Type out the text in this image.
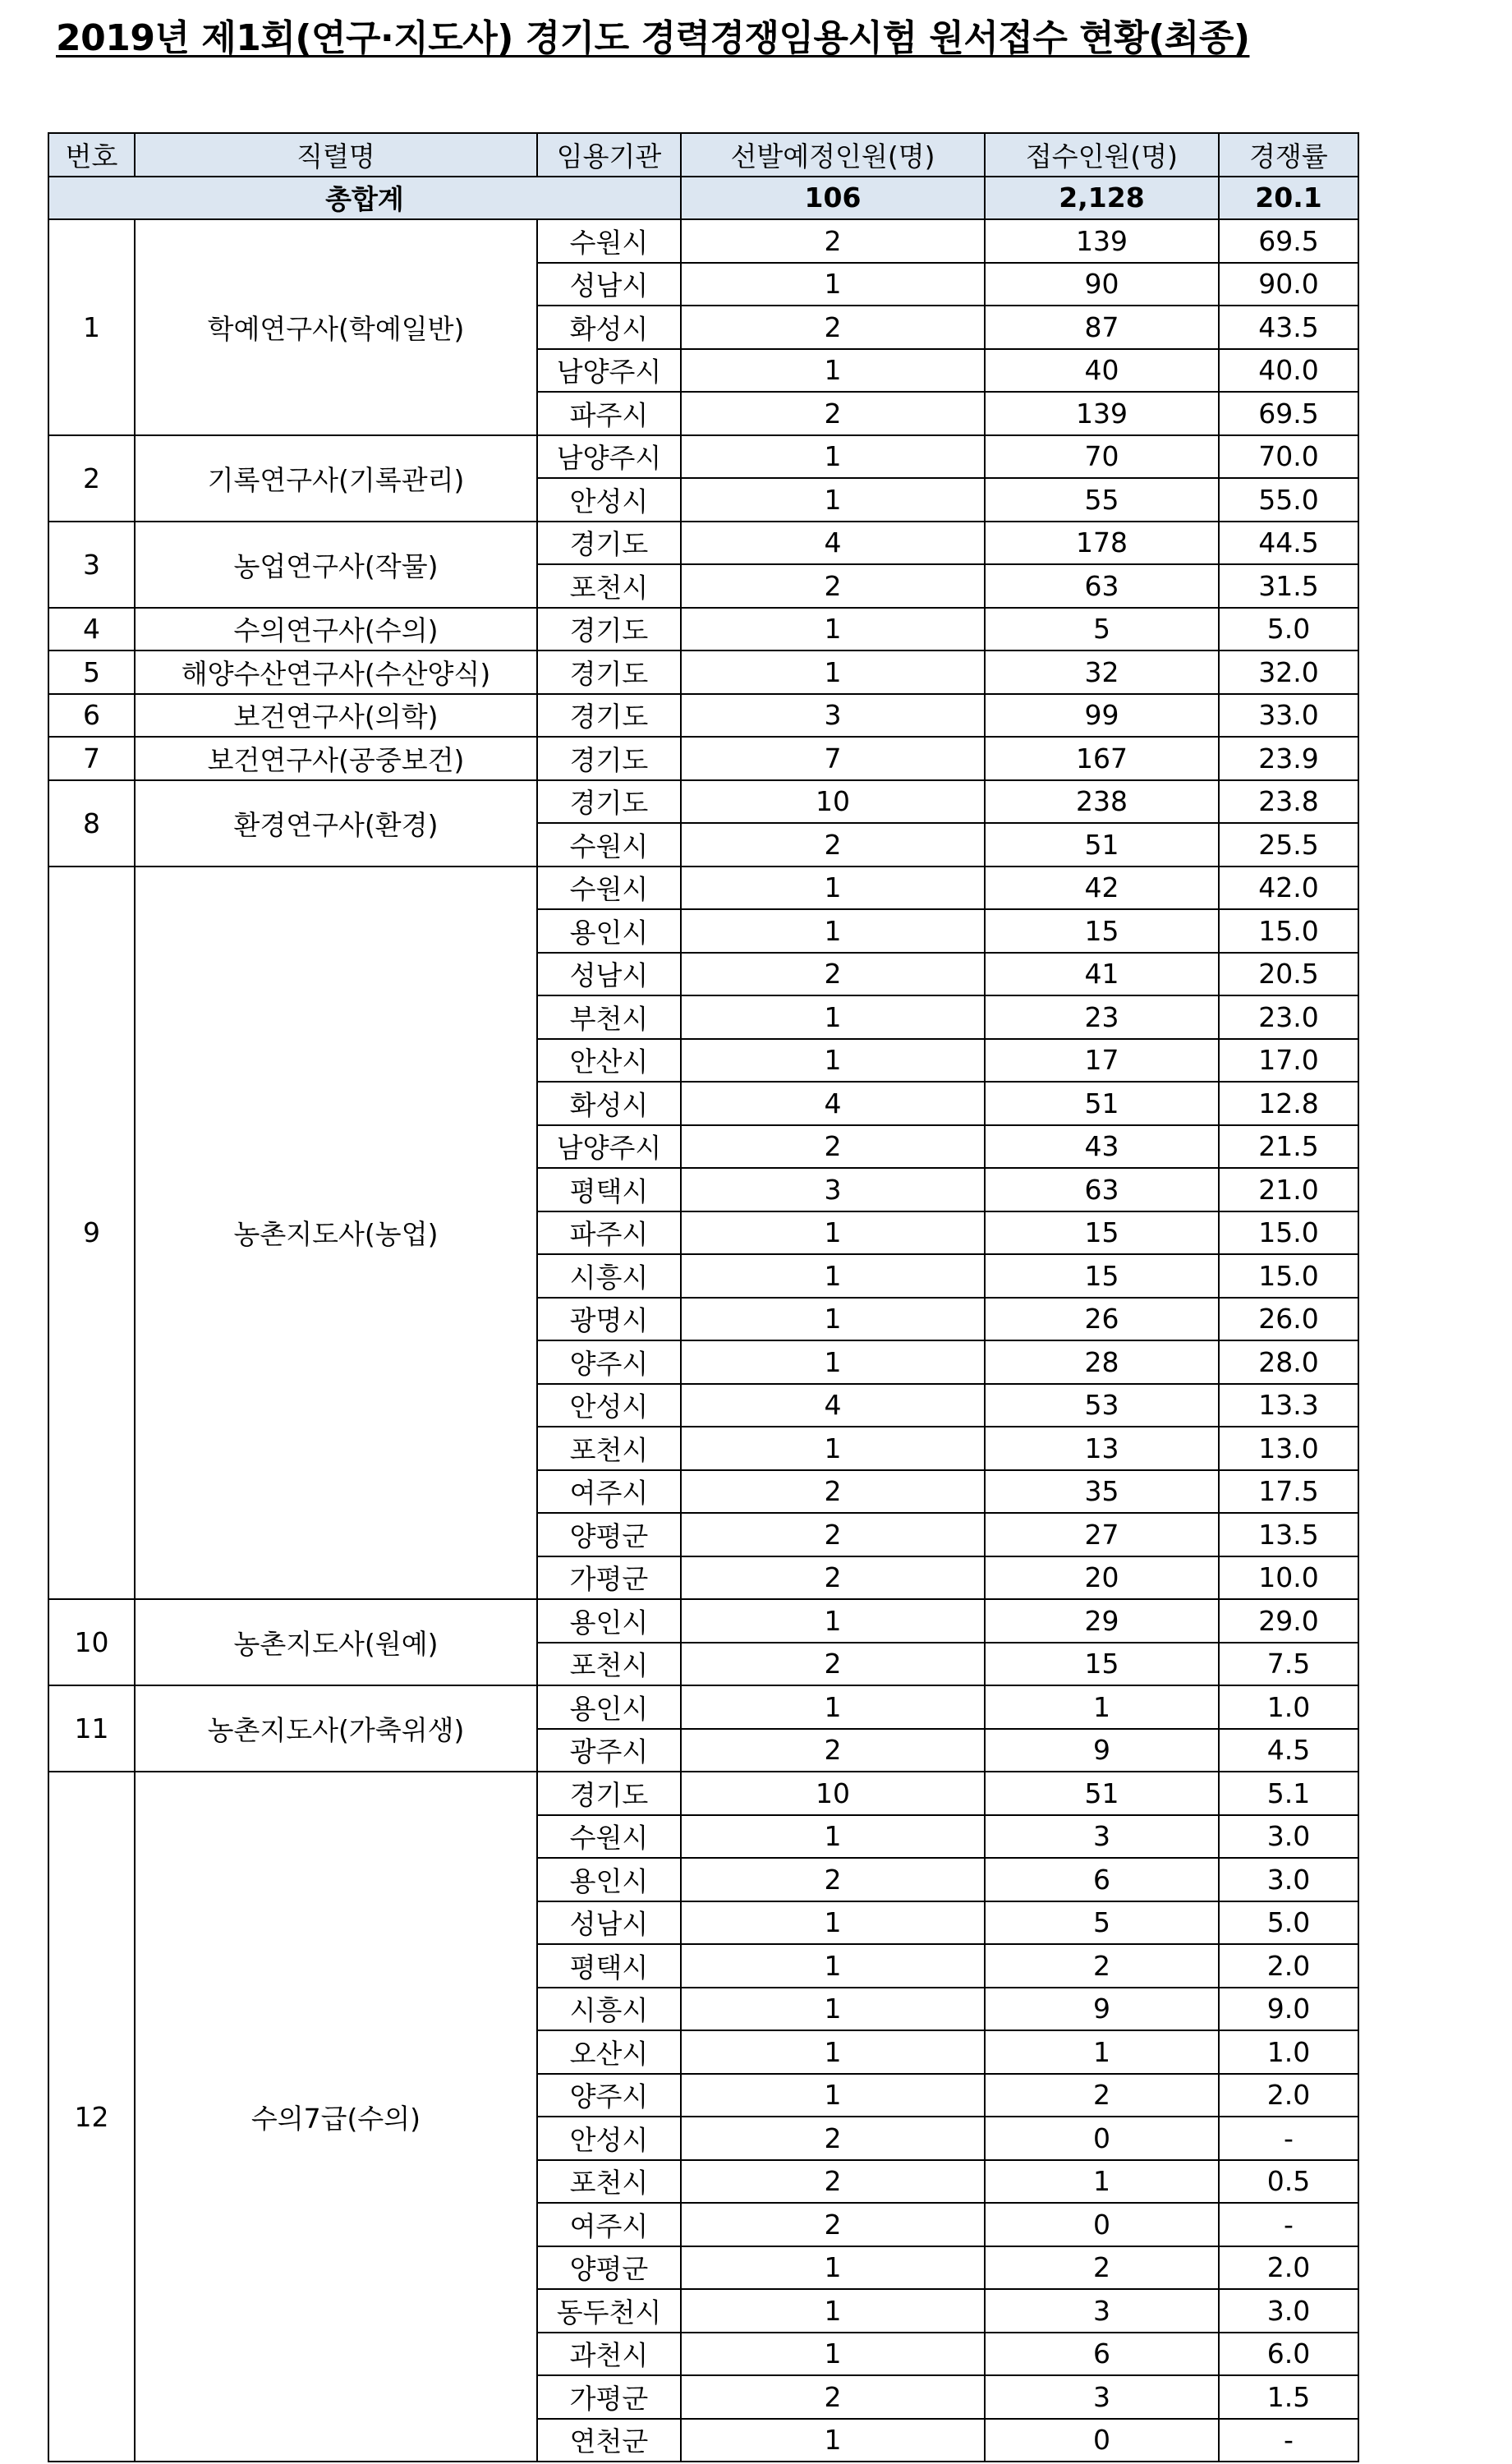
2019년 제1회(연구·지도사) 경기도 경력경쟁임용시험 원서접수 현황(최종)
번호	직렬명	임용기관	선발예정인원(명)	접수인원(명)	경쟁률
총합계			106	2,128	20.1
1	학예연구사(학예일반)	수원시	2	139	69.5
		성남시	1	90	90.0
		화성시	2	87	43.5
		남양주시	1	40	40.0
		파주시	2	139	69.5
2	기록연구사(기록관리)	남양주시	1	70	70.0
		안성시	1	55	55.0
3	농업연구사(작물)	경기도	4	178	44.5
		포천시	2	63	31.5
4	수의연구사(수의)	경기도	1	5	5.0
5	해양수산연구사(수산양식)	경기도	1	32	32.0
6	보건연구사(의학)	경기도	3	99	33.0
7	보건연구사(공중보건)	경기도	7	167	23.9
8	환경연구사(환경)	경기도	10	238	23.8
		수원시	2	51	25.5
9	농촌지도사(농업)	수원시	1	42	42.0
		용인시	1	15	15.0
		성남시	2	41	20.5
		부천시	1	23	23.0
		안산시	1	17	17.0
		화성시	4	51	12.8
		남양주시	2	43	21.5
		평택시	3	63	21.0
		파주시	1	15	15.0
		시흥시	1	15	15.0
		광명시	1	26	26.0
		양주시	1	28	28.0
		안성시	4	53	13.3
		포천시	1	13	13.0
		여주시	2	35	17.5
		양평군	2	27	13.5
		가평군	2	20	10.0
10	농촌지도사(원예)	용인시	1	29	29.0
		포천시	2	15	7.5
11	농촌지도사(가축위생)	용인시	1	1	1.0
		광주시	2	9	4.5
12	수의7급(수의)	경기도	10	51	5.1
		수원시	1	3	3.0
		용인시	2	6	3.0
		성남시	1	5	5.0
		평택시	1	2	2.0
		시흥시	1	9	9.0
		오산시	1	1	1.0
		양주시	1	2	2.0
		안성시	2	0	-
		포천시	2	1	0.5
		여주시	2	0	-
		양평군	1	2	2.0
		동두천시	1	3	3.0
		과천시	1	6	6.0
		가평군	2	3	1.5
		연천군	1	0	-
